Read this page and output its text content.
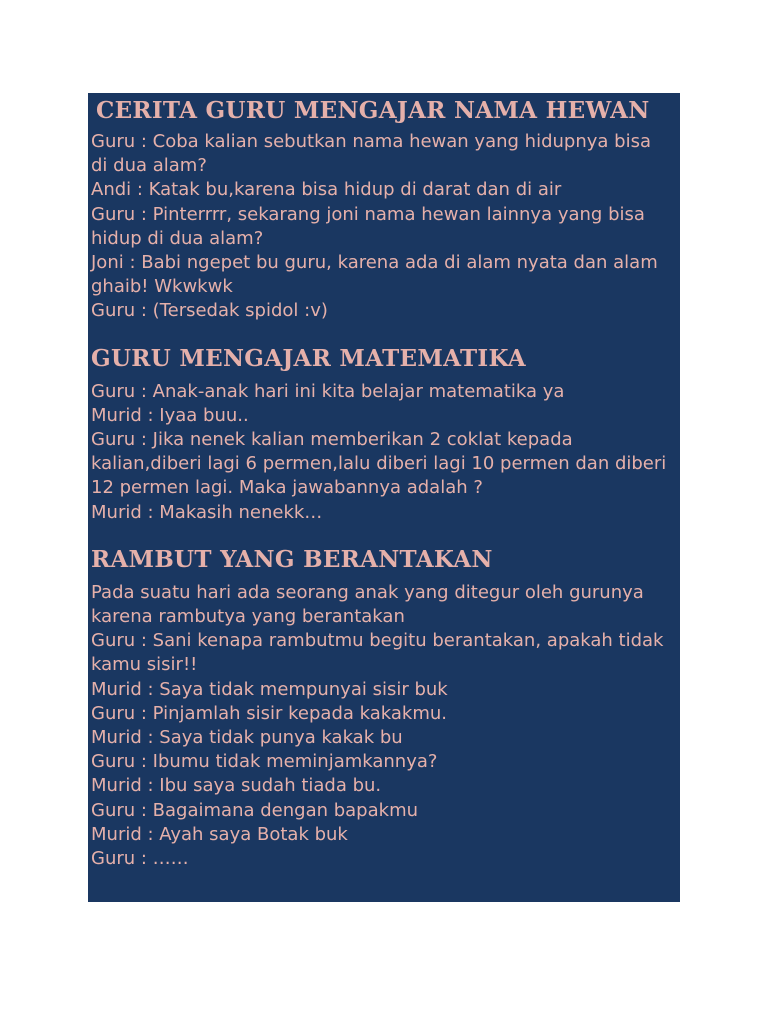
CERITA GURU MENGAJAR NAMA HEWAN
Guru : Coba kalian sebutkan nama hewan yang hidupnya bisa
di dua alam?
Andi : Katak bu,karena bisa hidup di darat dan di air
Guru : Pinterrrr, sekarang joni nama hewan lainnya yang bisa
hidup di dua alam?
Joni : Babi ngepet bu guru, karena ada di alam nyata dan alam
ghaib! Wkwkwk
Guru : (Tersedak spidol :v)
GURU MENGAJAR MATEMATIKA
Guru : Anak-anak hari ini kita belajar matematika ya
Murid : Iyaa buu..
Guru : Jika nenek kalian memberikan 2 coklat kepada
kalian,diberi lagi 6 permen,lalu diberi lagi 10 permen dan diberi
12 permen lagi. Maka jawabannya adalah ?
Murid : Makasih nenekk…
RAMBUT YANG BERANTAKAN
Pada suatu hari ada seorang anak yang ditegur oleh gurunya
karena rambutya yang berantakan
Guru : Sani kenapa rambutmu begitu berantakan, apakah tidak
kamu sisir!!
Murid : Saya tidak mempunyai sisir buk
Guru : Pinjamlah sisir kepada kakakmu.
Murid : Saya tidak punya kakak bu
Guru : Ibumu tidak meminjamkannya?
Murid : Ibu saya sudah tiada bu.
Guru : Bagaimana dengan bapakmu
Murid : Ayah saya Botak buk
Guru : ……
